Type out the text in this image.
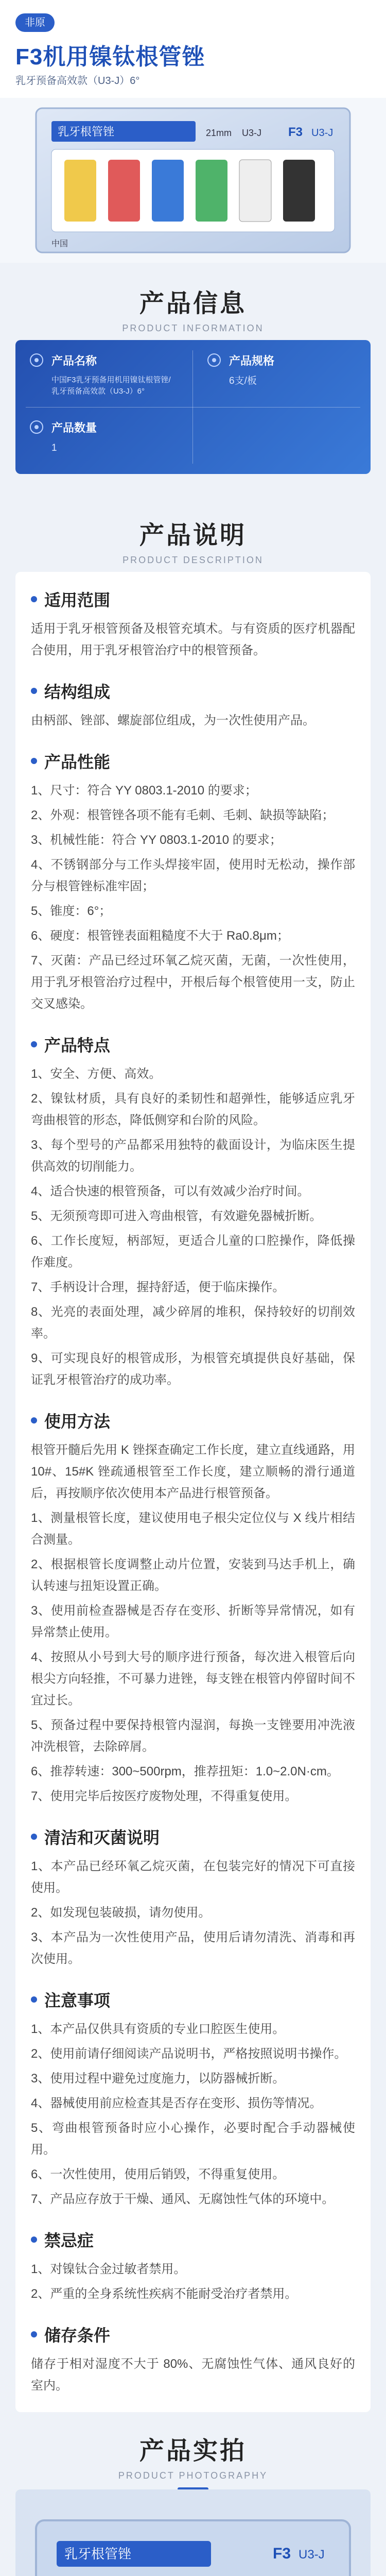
非原
F3机用镍钛根管锉
乳牙预备高效款（U3-J）6°
乳牙根管锉	F3 U3-J
21mm U3-J
中国
产品信息
PRODUCT INFORMATION
产品名称
中国F3乳牙预备用机用镍钛根管锉/乳牙预备高效款（U3-J）6°
产品规格
6支/板
产品数量
1
产品说明
PRODUCT DESCRIPTION
适用范围
适用于乳牙根管预备及根管充填术。与有资质的医疗机器配合使用，用于乳牙根管治疗中的根管预备。
结构组成
由柄部、锉部、螺旋部位组成，为一次性使用产品。
产品性能
1、尺寸：符合 YY 0803.1-2010 的要求；
2、外观：根管锉各项不能有毛刺、毛刺、缺损等缺陷；
3、机械性能：符合 YY 0803.1-2010 的要求；
4、不锈钢部分与工作头焊接牢固，使用时无松动，操作部分与根管锉标准牢固；
5、锥度：6°；
6、硬度：根管锉表面粗糙度不大于 Ra0.8μm；
7、灭菌：产品已经过环氧乙烷灭菌，无菌，一次性使用，用于乳牙根管治疗过程中，开根后每个根管使用一支，防止交叉感染。
产品特点
1、安全、方便、高效。
2、镍钛材质，具有良好的柔韧性和超弹性，能够适应乳牙弯曲根管的形态，降低侧穿和台阶的风险。
3、每个型号的产品都采用独特的截面设计，为临床医生提供高效的切削能力。
4、适合快速的根管预备，可以有效减少治疗时间。
5、无须预弯即可进入弯曲根管，有效避免器械折断。
6、工作长度短，柄部短，更适合儿童的口腔操作，降低操作难度。
7、手柄设计合理，握持舒适，便于临床操作。
8、光亮的表面处理，减少碎屑的堆积，保持较好的切削效率。
9、可实现良好的根管成形，为根管充填提供良好基础，保证乳牙根管治疗的成功率。
使用方法
根管开髓后先用 K 锉探查确定工作长度，建立直线通路，用 10#、15#K 锉疏通根管至工作长度，建立顺畅的滑行通道后，再按顺序依次使用本产品进行根管预备。
1、测量根管长度，建议使用电子根尖定位仪与 X 线片相结合测量。
2、根据根管长度调整止动片位置，安装到马达手机上，确认转速与扭矩设置正确。
3、使用前检查器械是否存在变形、折断等异常情况，如有异常禁止使用。
4、按照从小号到大号的顺序进行预备，每次进入根管后向根尖方向轻推，不可暴力进锉，每支锉在根管内停留时间不宜过长。
5、预备过程中要保持根管内湿润，每换一支锉要用冲洗液冲洗根管，去除碎屑。
6、推荐转速：300~500rpm，推荐扭矩：1.0~2.0N·cm。
7、使用完毕后按医疗废物处理，不得重复使用。
清洁和灭菌说明
1、本产品已经环氧乙烷灭菌，在包装完好的情况下可直接使用。
2、如发现包装破损，请勿使用。
3、本产品为一次性使用产品，使用后请勿清洗、消毒和再次使用。
注意事项
1、本产品仅供具有资质的专业口腔医生使用。
2、使用前请仔细阅读产品说明书，严格按照说明书操作。
3、使用过程中避免过度施力，以防器械折断。
4、器械使用前应检查其是否存在变形、损伤等情况。
5、弯曲根管预备时应小心操作，必要时配合手动器械使用。
6、一次性使用，使用后销毁，不得重复使用。
7、产品应存放于干燥、通风、无腐蚀性气体的环境中。
禁忌症
1、对镍钛合金过敏者禁用。
2、严重的全身系统性疾病不能耐受治疗者禁用。
储存条件
储存于相对湿度不大于 80%、无腐蚀性气体、通风良好的室内。
产品实拍
PRODUCT PHOTOGRAPHY
乳牙根管锉	F3 U3-J
